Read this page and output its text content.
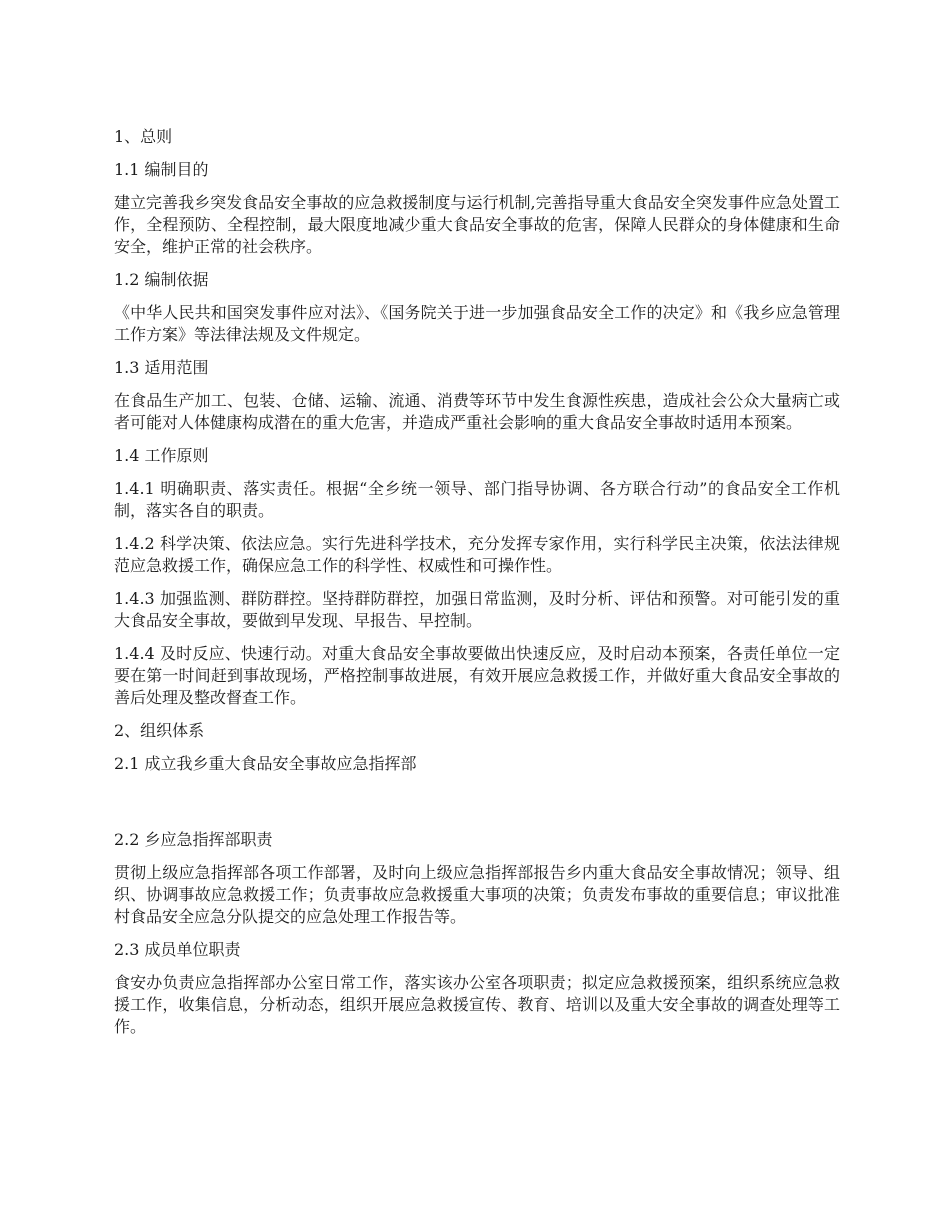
1、总则

1.1 编制目的

建立完善我乡突发食品安全事故的应急救援制度与运行机制,完善指导重大食品安全突发事件应急处置工作，全程预防、全程控制，最大限度地减少重大食品安全事故的危害，保障人民群众的身体健康和生命安全，维护正常的社会秩序。

1.2 编制依据

《中华人民共和国突发事件应对法》、《国务院关于进一步加强食品安全工作的决定》和《我乡应急管理工作方案》等法律法规及文件规定。

1.3 适用范围

在食品生产加工、包装、仓储、运输、流通、消费等环节中发生食源性疾患，造成社会公众大量病亡或者可能对人体健康构成潜在的重大危害，并造成严重社会影响的重大食品安全事故时适用本预案。

1.4 工作原则

1.4.1 明确职责、落实责任。根据“全乡统一领导、部门指导协调、各方联合行动”的食品安全工作机制，落实各自的职责。

1.4.2 科学决策、依法应急。实行先进科学技术，充分发挥专家作用，实行科学民主决策，依法法律规范应急救援工作，确保应急工作的科学性、权威性和可操作性。

1.4.3 加强监测、群防群控。坚持群防群控，加强日常监测，及时分析、评估和预警。对可能引发的重大食品安全事故，要做到早发现、早报告、早控制。

1.4.4 及时反应、快速行动。对重大食品安全事故要做出快速反应，及时启动本预案，各责任单位一定要在第一时间赶到事故现场，严格控制事故进展，有效开展应急救援工作，并做好重大食品安全事故的善后处理及整改督查工作。

2、组织体系

2.1 成立我乡重大食品安全事故应急指挥部

2.2 乡应急指挥部职责

贯彻上级应急指挥部各项工作部署，及时向上级应急指挥部报告乡内重大食品安全事故情况；领导、组织、协调事故应急救援工作；负责事故应急救援重大事项的决策；负责发布事故的重要信息；审议批准村食品安全应急分队提交的应急处理工作报告等。

2.3 成员单位职责

食安办负责应急指挥部办公室日常工作，落实该办公室各项职责；拟定应急救援预案，组织系统应急救援工作，收集信息，分析动态，组织开展应急救援宣传、教育、培训以及重大安全事故的调查处理等工作。
